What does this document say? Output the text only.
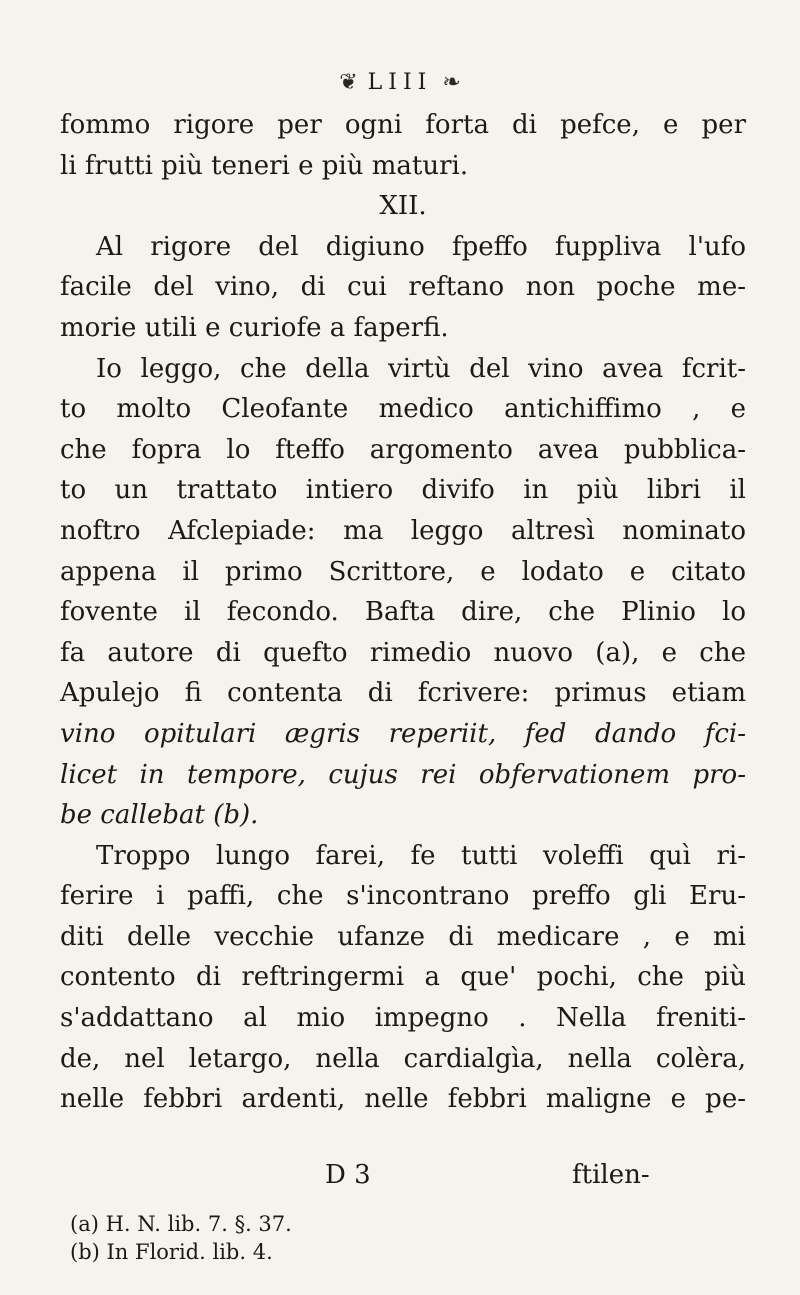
❦ LIII ❧
fommo rigore per ogni forta di pefce, e per
li frutti più teneri e più maturi.
XII.
Al rigore del digiuno fpeffo fuppliva l'ufo
facile del vino, di cui reftano non poche me-
morie utili e curiofe a faperfi.
Io leggo, che della virtù del vino avea fcrit-
to molto Cleofante medico antichiffimo , e
che fopra lo fteffo argomento avea pubblica-
to un trattato intiero divifo in più libri il
noftro Afclepiade: ma leggo altresì nominato
appena il primo Scrittore, e lodato e citato
fovente il fecondo. Bafta dire, che Plinio lo
fa autore di quefto rimedio nuovo (a), e che
Apulejo fi contenta di fcrivere: primus etiam
vino opitulari ægris reperiit, fed dando fci-
licet in tempore, cujus rei obfervationem pro-
be callebat (b).
Troppo lungo farei, fe tutti voleffi quì ri-
ferire i paffi, che s'incontrano preffo gli Eru-
diti delle vecchie ufanze di medicare , e mi
contento di reftringermi a que' pochi, che più
s'addattano al mio impegno . Nella freniti-
de, nel letargo, nella cardialgìa, nella colèra,
nelle febbri ardenti, nelle febbri maligne e pe-
D 3	ftilen-
(a) H. N. lib. 7. §. 37.
(b) In Florid. lib. 4.
